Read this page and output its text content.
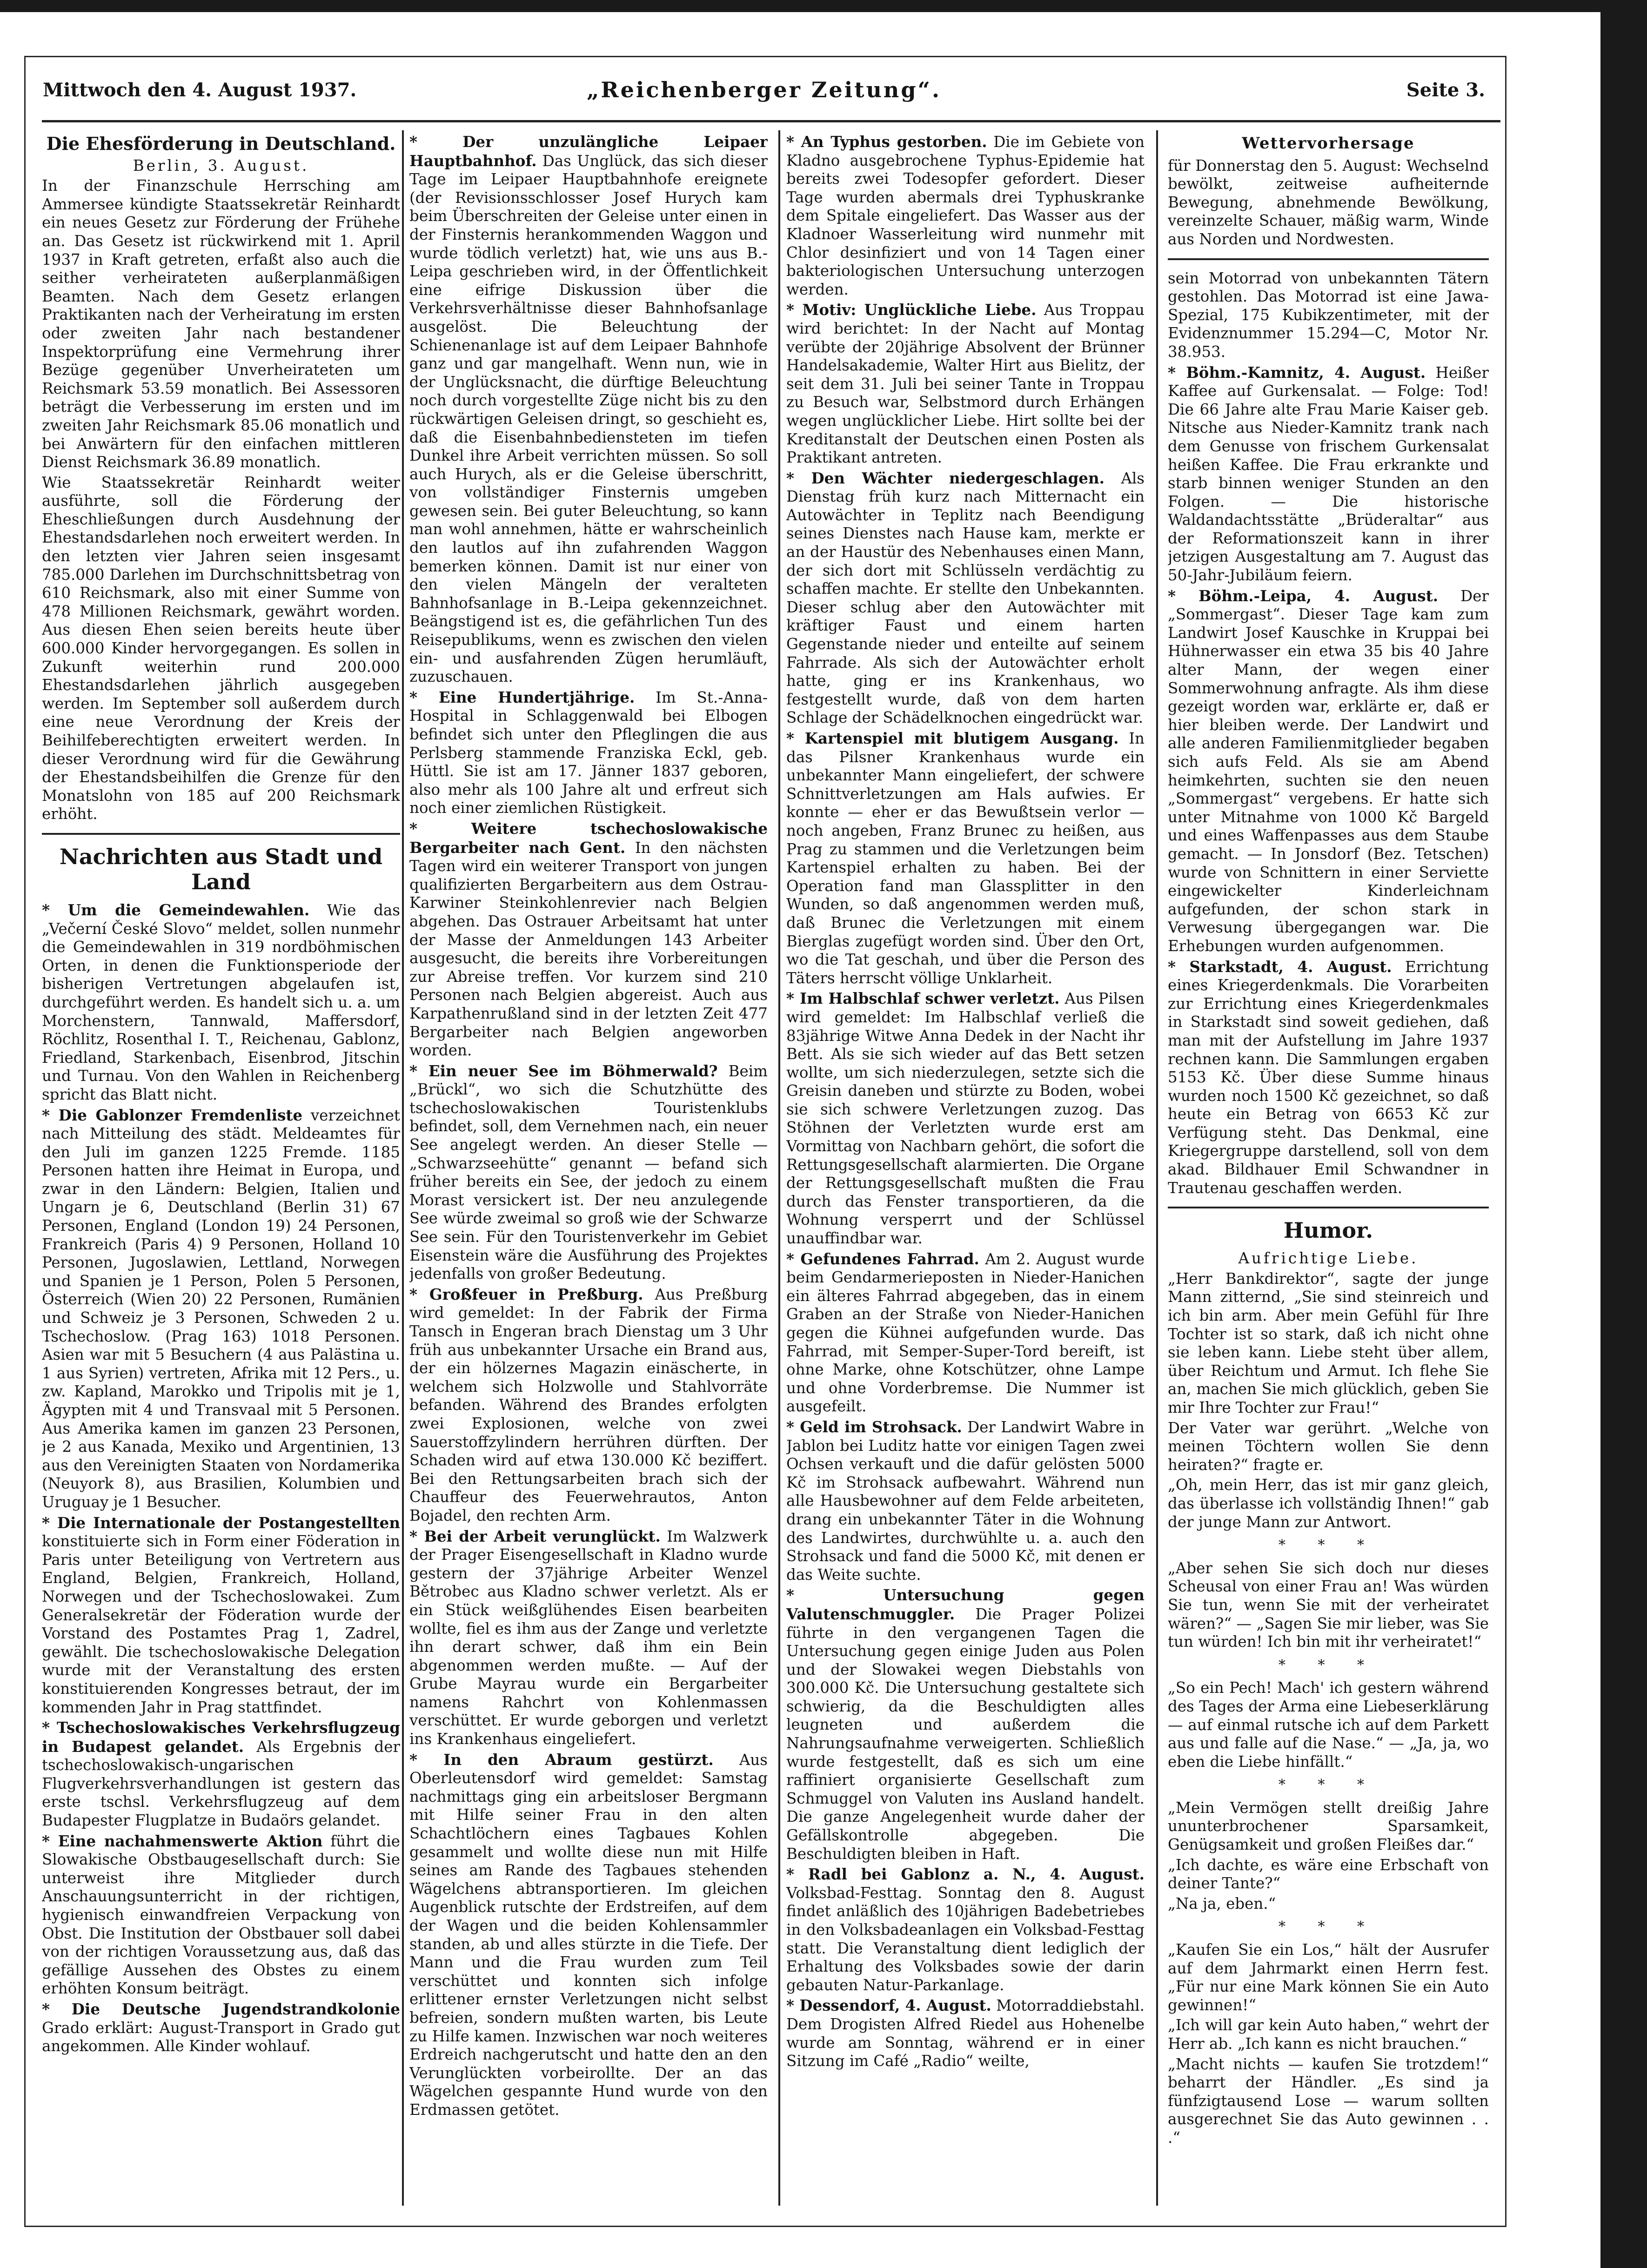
Mittwoch den 4. August 1937.	„Reichenberger Zeitung“.	Seite 3.
Die Ehesförderung in Deutschland.

Berlin, 3. August.

In der Finanzschule Herrsching am Ammersee kündigte Staatssekretär Reinhardt ein neues Gesetz zur Förderung der Frühehe an. Das Gesetz ist rückwirkend mit 1. April 1937 in Kraft getreten, erfaßt also auch die seither verheirateten außerplanmäßigen Beamten. Nach dem Gesetz erlangen Praktikanten nach der Verheiratung im ersten oder zweiten Jahr nach bestandener Inspektorprüfung eine Vermehrung ihrer Bezüge gegenüber Unverheirateten um Reichsmark 53.59 monatlich. Bei Assessoren beträgt die Verbesserung im ersten und im zweiten Jahr Reichsmark 85.06 monatlich und bei Anwärtern für den einfachen mittleren Dienst Reichsmark 36.89 monatlich.

Wie Staatssekretär Reinhardt weiter ausführte, soll die Förderung der Eheschließungen durch Ausdehnung der Ehestandsdarlehen noch erweitert werden. In den letzten vier Jahren seien insgesamt 785.000 Darlehen im Durchschnittsbetrag von 610 Reichsmark, also mit einer Summe von 478 Millionen Reichsmark, gewährt worden. Aus diesen Ehen seien bereits heute über 600.000 Kinder hervorgegangen. Es sollen in Zukunft weiterhin rund 200.000 Ehestandsdarlehen jährlich ausgegeben werden. Im September soll außerdem durch eine neue Verordnung der Kreis der Beihilfeberechtigten erweitert werden. In dieser Verordnung wird für die Gewährung der Ehestandsbeihilfen die Grenze für den Monatslohn von 185 auf 200 Reichsmark erhöht.

Nachrichten aus Stadt und Land

* Um die Gemeindewahlen. Wie das „Večerní České Slovo“ meldet, sollen nunmehr die Gemeindewahlen in 319 nordböhmischen Orten, in denen die Funktionsperiode der bisherigen Vertretungen abgelaufen ist, durchgeführt werden. Es handelt sich u. a. um Morchenstern, Tannwald, Maffersdorf, Röchlitz, Rosenthal I. T., Reichenau, Gablonz, Friedland, Starkenbach, Eisenbrod, Jitschin und Turnau. Von den Wahlen in Reichenberg spricht das Blatt nicht.

* Die Gablonzer Fremdenliste verzeichnet nach Mitteilung des städt. Meldeamtes für den Juli im ganzen 1225 Fremde. 1185 Personen hatten ihre Heimat in Europa, und zwar in den Ländern: Belgien, Italien und Ungarn je 6, Deutschland (Berlin 31) 67 Personen, England (London 19) 24 Personen, Frankreich (Paris 4) 9 Personen, Holland 10 Personen, Jugoslawien, Lettland, Norwegen und Spanien je 1 Person, Polen 5 Personen, Österreich (Wien 20) 22 Personen, Rumänien und Schweiz je 3 Personen, Schweden 2 u. Tschechoslow. (Prag 163) 1018 Personen. Asien war mit 5 Besuchern (4 aus Palästina u. 1 aus Syrien) vertreten, Afrika mit 12 Pers., u. zw. Kapland, Marokko und Tripolis mit je 1, Ägypten mit 4 und Transvaal mit 5 Personen. Aus Amerika kamen im ganzen 23 Personen, je 2 aus Kanada, Mexiko und Argentinien, 13 aus den Vereinigten Staaten von Nordamerika (Neuyork 8), aus Brasilien, Kolumbien und Uruguay je 1 Besucher.

* Die Internationale der Postangestellten konstituierte sich in Form einer Föderation in Paris unter Beteiligung von Vertretern aus England, Belgien, Frankreich, Holland, Norwegen und der Tschechoslowakei. Zum Generalsekretär der Föderation wurde der Vorstand des Postamtes Prag 1, Zadrel, gewählt. Die tschechoslowakische Delegation wurde mit der Veranstaltung des ersten konstituierenden Kongresses betraut, der im kommenden Jahr in Prag stattfindet.

* Tschechoslowakisches Verkehrsflugzeug in Budapest gelandet. Als Ergebnis der tschechoslowakisch-ungarischen Flugverkehrsverhandlungen ist gestern das erste tschsl. Verkehrsflugzeug auf dem Budapester Flugplatze in Budaörs gelandet.

* Eine nachahmenswerte Aktion führt die Slowakische Obstbaugesellschaft durch: Sie unterweist ihre Mitglieder durch Anschauungsunterricht in der richtigen, hygienisch einwandfreien Verpackung von Obst. Die Institution der Obstbauer soll dabei von der richtigen Voraussetzung aus, daß das gefällige Aussehen des Obstes zu einem erhöhten Konsum beiträgt.

* Die Deutsche Jugendstrandkolonie Grado erklärt: August-Transport in Grado gut angekommen. Alle Kinder wohlauf.

* Der unzulängliche Leipaer Hauptbahnhof. Das Unglück, das sich dieser Tage im Leipaer Hauptbahnhofe ereignete (der Revisionsschlosser Josef Hurych kam beim Überschreiten der Geleise unter einen in der Finsternis herankommenden Waggon und wurde tödlich verletzt) hat, wie uns aus B.-Leipa geschrieben wird, in der Öffentlichkeit eine eifrige Diskussion über die Verkehrsverhältnisse dieser Bahnhofsanlage ausgelöst. Die Beleuchtung der Schienenanlage ist auf dem Leipaer Bahnhofe ganz und gar mangelhaft. Wenn nun, wie in der Unglücksnacht, die dürftige Beleuchtung noch durch vorgestellte Züge nicht bis zu den rückwärtigen Geleisen dringt, so geschieht es, daß die Eisenbahnbediensteten im tiefen Dunkel ihre Arbeit verrichten müssen. So soll auch Hurych, als er die Geleise überschritt, von vollständiger Finsternis umgeben gewesen sein. Bei guter Beleuchtung, so kann man wohl annehmen, hätte er wahrscheinlich den lautlos auf ihn zufahrenden Waggon bemerken können. Damit ist nur einer von den vielen Mängeln der veralteten Bahnhofsanlage in B.-Leipa gekennzeichnet. Beängstigend ist es, die gefährlichen Tun des Reisepublikums, wenn es zwischen den vielen ein- und ausfahrenden Zügen herumläuft, zuzuschauen.

* Eine Hundertjährige. Im St.-Anna-Hospital in Schlaggenwald bei Elbogen befindet sich unter den Pfleglingen die aus Perlsberg stammende Franziska Eckl, geb. Hüttl. Sie ist am 17. Jänner 1837 geboren, also mehr als 100 Jahre alt und erfreut sich noch einer ziemlichen Rüstigkeit.

* Weitere tschechoslowakische Bergarbeiter nach Gent. In den nächsten Tagen wird ein weiterer Transport von jungen qualifizierten Bergarbeitern aus dem Ostrau-Karwiner Steinkohlenrevier nach Belgien abgehen. Das Ostrauer Arbeitsamt hat unter der Masse der Anmeldungen 143 Arbeiter ausgesucht, die bereits ihre Vorbereitungen zur Abreise treffen. Vor kurzem sind 210 Personen nach Belgien abgereist. Auch aus Karpathenrußland sind in der letzten Zeit 477 Bergarbeiter nach Belgien angeworben worden.

* Ein neuer See im Böhmerwald? Beim „Brückl“, wo sich die Schutzhütte des tschechoslowakischen Touristenklubs befindet, soll, dem Vernehmen nach, ein neuer See angelegt werden. An dieser Stelle — „Schwarzseehütte“ genannt — befand sich früher bereits ein See, der jedoch zu einem Morast versickert ist. Der neu anzulegende See würde zweimal so groß wie der Schwarze See sein. Für den Touristenverkehr im Gebiet Eisenstein wäre die Ausführung des Projektes jedenfalls von großer Bedeutung.

* Großfeuer in Preßburg. Aus Preßburg wird gemeldet: In der Fabrik der Firma Tansch in Engeran brach Dienstag um 3 Uhr früh aus unbekannter Ursache ein Brand aus, der ein hölzernes Magazin einäscherte, in welchem sich Holzwolle und Stahlvorräte befanden. Während des Brandes erfolgten zwei Explosionen, welche von zwei Sauerstoffzylindern herrühren dürften. Der Schaden wird auf etwa 130.000 Kč beziffert. Bei den Rettungsarbeiten brach sich der Chauffeur des Feuerwehrautos, Anton Bojadel, den rechten Arm.

* Bei der Arbeit verunglückt. Im Walzwerk der Prager Eisengesellschaft in Kladno wurde gestern der 37jährige Arbeiter Wenzel Bětrobec aus Kladno schwer verletzt. Als er ein Stück weißglühendes Eisen bearbeiten wollte, fiel es ihm aus der Zange und verletzte ihn derart schwer, daß ihm ein Bein abgenommen werden mußte. — Auf der Grube Mayrau wurde ein Bergarbeiter namens Rahchrt von Kohlenmassen verschüttet. Er wurde geborgen und verletzt ins Krankenhaus eingeliefert.

* In den Abraum gestürzt. Aus Oberleutensdorf wird gemeldet: Samstag nachmittags ging ein arbeitsloser Bergmann mit Hilfe seiner Frau in den alten Schachtlöchern eines Tagbaues Kohlen gesammelt und wollte diese nun mit Hilfe seines am Rande des Tagbaues stehenden Wägelchens abtransportieren. Im gleichen Augenblick rutschte der Erdstreifen, auf dem der Wagen und die beiden Kohlensammler standen, ab und alles stürzte in die Tiefe. Der Mann und die Frau wurden zum Teil verschüttet und konnten sich infolge erlittener ernster Verletzungen nicht selbst befreien, sondern mußten warten, bis Leute zu Hilfe kamen. Inzwischen war noch weiteres Erdreich nachgerutscht und hatte den an den Verunglückten vorbeirollte. Der an das Wägelchen gespannte Hund wurde von den Erdmassen getötet.

* An Typhus gestorben. Die im Gebiete von Kladno ausgebrochene Typhus-Epidemie hat bereits zwei Todesopfer gefordert. Dieser Tage wurden abermals drei Typhuskranke dem Spitale eingeliefert. Das Wasser aus der Kladnoer Wasserleitung wird nunmehr mit Chlor desinfiziert und von 14 Tagen einer bakteriologischen Untersuchung unterzogen werden.

* Motiv: Unglückliche Liebe. Aus Troppau wird berichtet: In der Nacht auf Montag verübte der 20jährige Absolvent der Brünner Handelsakademie, Walter Hirt aus Bielitz, der seit dem 31. Juli bei seiner Tante in Troppau zu Besuch war, Selbstmord durch Erhängen wegen unglücklicher Liebe. Hirt sollte bei der Kreditanstalt der Deutschen einen Posten als Praktikant antreten.

* Den Wächter niedergeschlagen. Als Dienstag früh kurz nach Mitternacht ein Autowächter in Teplitz nach Beendigung seines Dienstes nach Hause kam, merkte er an der Haustür des Nebenhauses einen Mann, der sich dort mit Schlüsseln verdächtig zu schaffen machte. Er stellte den Unbekannten. Dieser schlug aber den Autowächter mit kräftiger Faust und einem harten Gegenstande nieder und enteilte auf seinem Fahrrade. Als sich der Autowächter erholt hatte, ging er ins Krankenhaus, wo festgestellt wurde, daß von dem harten Schlage der Schädelknochen eingedrückt war.

* Kartenspiel mit blutigem Ausgang. In das Pilsner Krankenhaus wurde ein unbekannter Mann eingeliefert, der schwere Schnittverletzungen am Hals aufwies. Er konnte — eher er das Bewußtsein verlor — noch angeben, Franz Brunec zu heißen, aus Prag zu stammen und die Verletzungen beim Kartenspiel erhalten zu haben. Bei der Operation fand man Glassplitter in den Wunden, so daß angenommen werden muß, daß Brunec die Verletzungen mit einem Bierglas zugefügt worden sind. Über den Ort, wo die Tat geschah, und über die Person des Täters herrscht völlige Unklarheit.

* Im Halbschlaf schwer verletzt. Aus Pilsen wird gemeldet: Im Halbschlaf verließ die 83jährige Witwe Anna Dedek in der Nacht ihr Bett. Als sie sich wieder auf das Bett setzen wollte, um sich niederzulegen, setzte sich die Greisin daneben und stürzte zu Boden, wobei sie sich schwere Verletzungen zuzog. Das Stöhnen der Verletzten wurde erst am Vormittag von Nachbarn gehört, die sofort die Rettungsgesellschaft alarmierten. Die Organe der Rettungsgesellschaft mußten die Frau durch das Fenster transportieren, da die Wohnung versperrt und der Schlüssel unauffindbar war.

* Gefundenes Fahrrad. Am 2. August wurde beim Gendarmerieposten in Nieder-Hanichen ein älteres Fahrrad abgegeben, das in einem Graben an der Straße von Nieder-Hanichen gegen die Kühnei aufgefunden wurde. Das Fahrrad, mit Semper-Super-Tord bereift, ist ohne Marke, ohne Kotschützer, ohne Lampe und ohne Vorderbremse. Die Nummer ist ausgefeilt.

* Geld im Strohsack. Der Landwirt Wabre in Jablon bei Luditz hatte vor einigen Tagen zwei Ochsen verkauft und die dafür gelösten 5000 Kč im Strohsack aufbewahrt. Während nun alle Hausbewohner auf dem Felde arbeiteten, drang ein unbekannter Täter in die Wohnung des Landwirtes, durchwühlte u. a. auch den Strohsack und fand die 5000 Kč, mit denen er das Weite suchte.

* Untersuchung gegen Valutenschmuggler. Die Prager Polizei führte in den vergangenen Tagen die Untersuchung gegen einige Juden aus Polen und der Slowakei wegen Diebstahls von 300.000 Kč. Die Untersuchung gestaltete sich schwierig, da die Beschuldigten alles leugneten und außerdem die Nahrungsaufnahme verweigerten. Schließlich wurde festgestellt, daß es sich um eine raffiniert organisierte Gesellschaft zum Schmuggel von Valuten ins Ausland handelt. Die ganze Angelegenheit wurde daher der Gefällskontrolle abgegeben. Die Beschuldigten bleiben in Haft.

* Radl bei Gablonz a. N., 4. August. Volksbad-Festtag. Sonntag den 8. August findet anläßlich des 10jährigen Badebetriebes in den Volksbadeanlagen ein Volksbad-Festtag statt. Die Veranstaltung dient lediglich der Erhaltung des Volksbades sowie der darin gebauten Natur-Parkanlage.

* Dessendorf, 4. August. Motorraddiebstahl. Dem Drogisten Alfred Riedel aus Hohenelbe wurde am Sonntag, während er in einer Sitzung im Café „Radio“ weilte,

Wettervorhersage

für Donnerstag den 5. August: Wechselnd bewölkt, zeitweise aufheiternde Bewegung, abnehmende Bewölkung, vereinzelte Schauer, mäßig warm, Winde aus Norden und Nordwesten.

sein Motorrad von unbekannten Tätern gestohlen. Das Motorrad ist eine Jawa-Spezial, 175 Kubikzentimeter, mit der Evidenznummer 15.294—C, Motor Nr. 38.953.

* Böhm.-Kamnitz, 4. August. Heißer Kaffee auf Gurkensalat. — Folge: Tod! Die 66 Jahre alte Frau Marie Kaiser geb. Nitsche aus Nieder-Kamnitz trank nach dem Genusse von frischem Gurkensalat heißen Kaffee. Die Frau erkrankte und starb binnen weniger Stunden an den Folgen. — Die historische Waldandachtsstätte „Brüderaltar“ aus der Reformationszeit kann in ihrer jetzigen Ausgestaltung am 7. August das 50-Jahr-Jubiläum feiern.

* Böhm.-Leipa, 4. August. Der „Sommergast“. Dieser Tage kam zum Landwirt Josef Kauschke in Kruppai bei Hühnerwasser ein etwa 35 bis 40 Jahre alter Mann, der wegen einer Sommerwohnung anfragte. Als ihm diese gezeigt worden war, erklärte er, daß er hier bleiben werde. Der Landwirt und alle anderen Familienmitglieder begaben sich aufs Feld. Als sie am Abend heimkehrten, suchten sie den neuen „Sommergast“ vergebens. Er hatte sich unter Mitnahme von 1000 Kč Bargeld und eines Waffenpasses aus dem Staube gemacht. — In Jonsdorf (Bez. Tetschen) wurde von Schnittern in einer Serviette eingewickelter Kinderleichnam aufgefunden, der schon stark in Verwesung übergegangen war. Die Erhebungen wurden aufgenommen.

* Starkstadt, 4. August. Errichtung eines Kriegerdenkmals. Die Vorarbeiten zur Errichtung eines Kriegerdenkmales in Starkstadt sind soweit gediehen, daß man mit der Aufstellung im Jahre 1937 rechnen kann. Die Sammlungen ergaben 5153 Kč. Über diese Summe hinaus wurden noch 1500 Kč gezeichnet, so daß heute ein Betrag von 6653 Kč zur Verfügung steht. Das Denkmal, eine Kriegergruppe darstellend, soll von dem akad. Bildhauer Emil Schwandner in Trautenau geschaffen werden.

Humor.

Aufrichtige Liebe.

„Herr Bankdirektor“, sagte der junge Mann zitternd, „Sie sind steinreich und ich bin arm. Aber mein Gefühl für Ihre Tochter ist so stark, daß ich nicht ohne sie leben kann. Liebe steht über allem, über Reichtum und Armut. Ich flehe Sie an, machen Sie mich glücklich, geben Sie mir Ihre Tochter zur Frau!“

Der Vater war gerührt. „Welche von meinen Töchtern wollen Sie denn heiraten?“ fragte er.

„Oh, mein Herr, das ist mir ganz gleich, das überlasse ich vollständig Ihnen!“ gab der junge Mann zur Antwort.

* * *

„Aber sehen Sie sich doch nur dieses Scheusal von einer Frau an! Was würden Sie tun, wenn Sie mit der verheiratet wären?“ — „Sagen Sie mir lieber, was Sie tun würden! Ich bin mit ihr verheiratet!“

* * *

„So ein Pech! Mach' ich gestern während des Tages der Arma eine Liebeserklärung — auf einmal rutsche ich auf dem Parkett aus und falle auf die Nase.“ — „Ja, ja, wo eben die Liebe hinfällt.“

* * *

„Mein Vermögen stellt dreißig Jahre ununterbrochener Sparsamkeit, Genügsamkeit und großen Fleißes dar.“

„Ich dachte, es wäre eine Erbschaft von deiner Tante?“

„Na ja, eben.“

* * *

„Kaufen Sie ein Los,“ hält der Ausrufer auf dem Jahrmarkt einen Herrn fest. „Für nur eine Mark können Sie ein Auto gewinnen!“

„Ich will gar kein Auto haben,“ wehrt der Herr ab. „Ich kann es nicht brauchen.“

„Macht nichts — kaufen Sie trotzdem!“ beharrt der Händler. „Es sind ja fünfzigtausend Lose — warum sollten ausgerechnet Sie das Auto gewinnen . . .“
